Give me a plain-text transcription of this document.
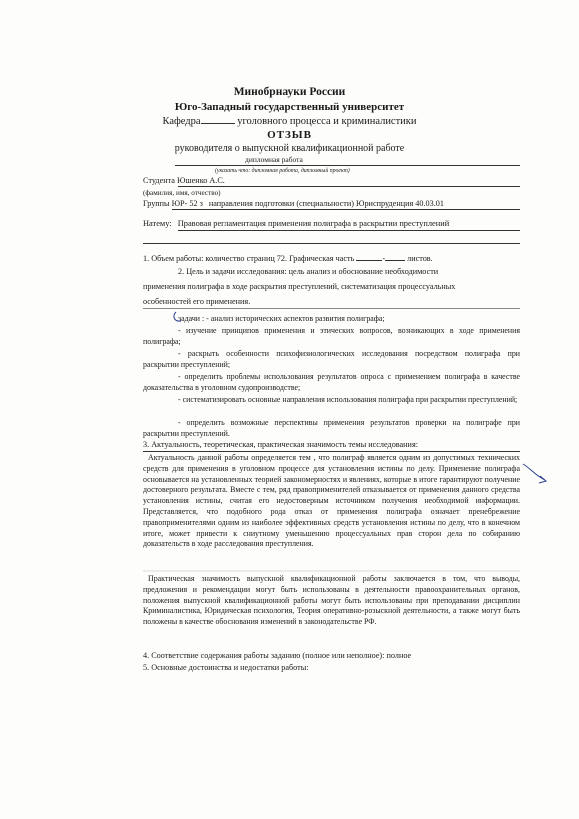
Минобрнауки России
Юго-Западный государственный университет
Кафедра	уголовного процесса и криминалистики
ОТЗЫВ
руководителя о выпускной квалификационной работе
дипломная работа
(указать что: дипломная работа, дипломный проект)
Студента Юшенко А.С.
(фамилия, имя, отчество)
Группы ЮР- 52 з направления подготовки (специальности) Юриспруденция 40.03.01
Натему: Правовая регламентация применения полиграфа в раскрытии преступлений
1. Объем работы: количество страниц 72. Графическая часть	-	листов.
2. Цель и задачи исследования: цель анализ и обоснование необходимости
применения полиграфа в ходе раскрытия преступлений, систематизация процессуальных
особенностей его применения.
задачи : - анализ исторических аспектов развития полиграфа;
- изучение принципов применения и этических вопросов, возникающих в ходе применения полиграфа;
- раскрыть особенности психофизиологических исследования посредством полиграфа при раскрытии преступлений;
- определить проблемы использования результатов опроса с применением полиграфа в качестве доказательства в уголовном судопроизводстве;
- систематизировать основные направления использования полиграфа при раскрытии преступлений;
- определить возможные перспективы применения результатов проверки на полиграфе при раскрытии преступлений.
3. Актуальность, теоретическая, практическая значимость темы исследования:
Актуальность данной работы определяется тем , что полиграф является одним из допустимых технических средств для применения в уголовном процессе для установления истины по делу. Применение полиграфа основывается на установленных теорией закономерностях и явлениях, которые в итоге гарантируют получение достоверного результата. Вместе с тем, ряд правоприменителей отказывается от применения данного средства установления истины, считая его недостоверным источником получения необходимой информации. Представляется, что подобного рода отказ от применения полиграфа означает пренебрежение правоприменителями одним из наиболее эффективных средств установления истины по делу, что в конечном итоге, может привести к сниутному уменьшению процессуальных прав сторон дела по собиранию доказательств в ходе расследования преступления.
Практическая значимость выпускной квалификационной работы заключается в том, что выводы, предложения и рекомендации могут быть использованы в деятельности правоохранительных органов, положения выпускной квалификационной работы могут быть использованы при преподавании дисциплин Криминалистика, Юридическая психология, Теория оперативно-розыскной деятельности, а также могут быть положены в качестве обоснования изменений в законодательстве РФ.
4. Соответствие содержания работы заданию (полное или неполное): полное
5. Основные достоинства и недостатки работы:
